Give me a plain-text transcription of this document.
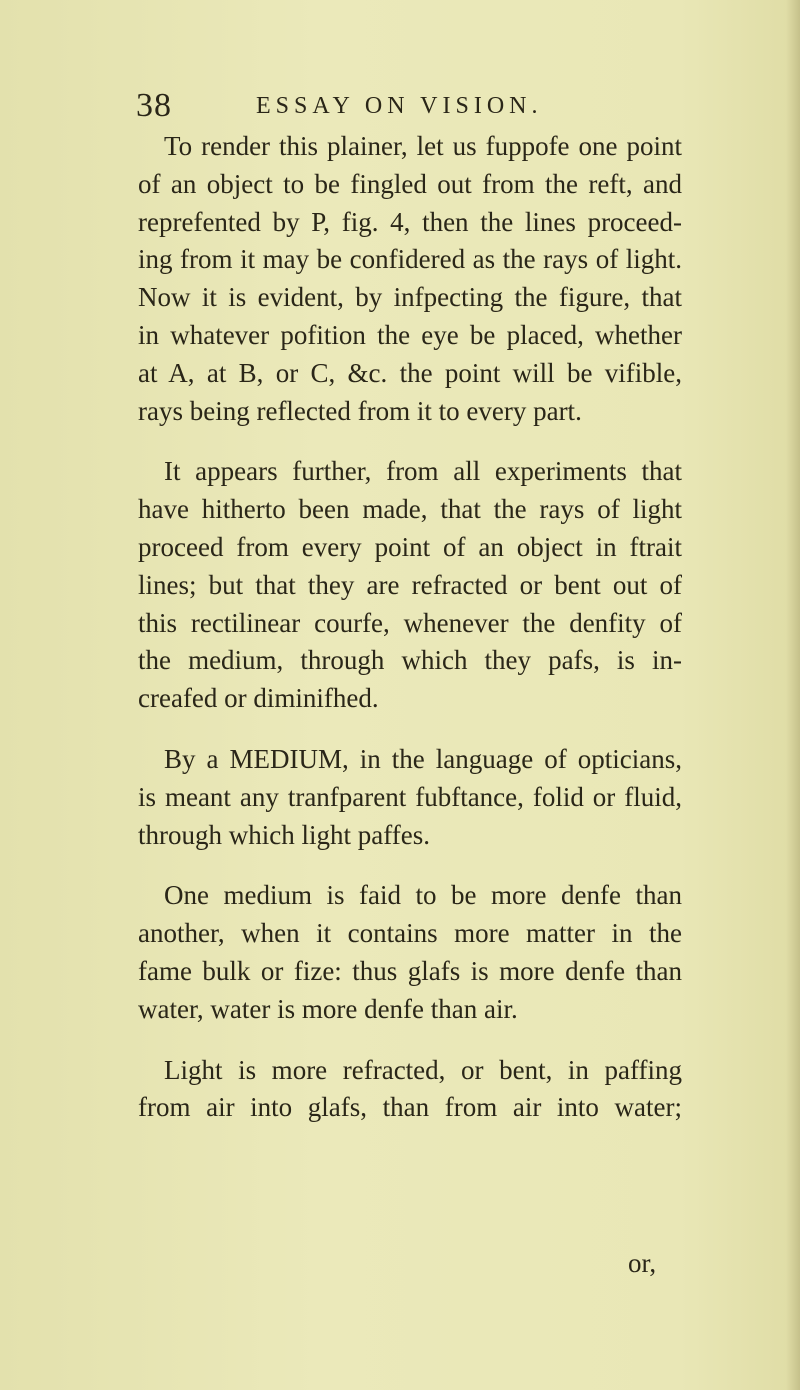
38	ESSAY ON VISION.

To render this plainer, let us fuppofe one point
of an object to be fingled out from the reft, and
reprefented by P, fig. 4, then the lines proceed-
ing from it may be confidered as the rays of light.
Now it is evident, by infpecting the figure, that
in whatever pofition the eye be placed, whether
at A, at B, or C, &c. the point will be vifible,
rays being reflected from it to every part.

It appears further, from all experiments that
have hitherto been made, that the rays of light
proceed from every point of an object in ftrait
lines; but that they are refracted or bent out of
this rectilinear courfe, whenever the denfity of
the medium, through which they pafs, is in-
creafed or diminifhed.

By a MEDIUM, in the language of opticians,
is meant any tranfparent fubftance, folid or fluid,
through which light paffes.

One medium is faid to be more denfe than
another, when it contains more matter in the
fame bulk or fize: thus glafs is more denfe than
water, water is more denfe than air.

Light is more refracted, or bent, in paffing
from air into glafs, than from air into water;

or,
